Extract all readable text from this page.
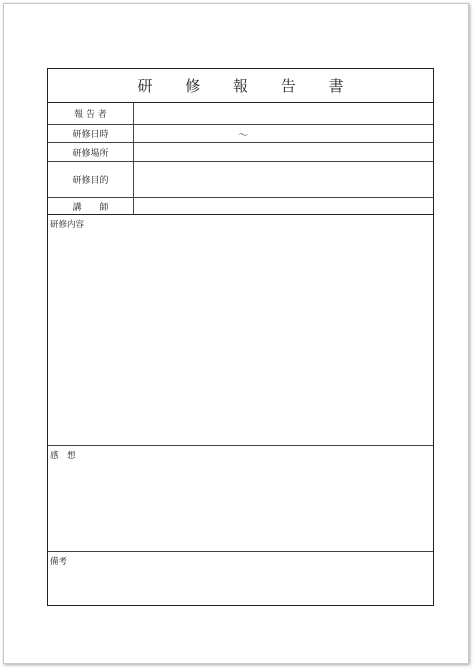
研 修 報 告 書
報 告 者
研修日時	～
研修場所
研修目的
講　　師
研修内容
感　想
備考
